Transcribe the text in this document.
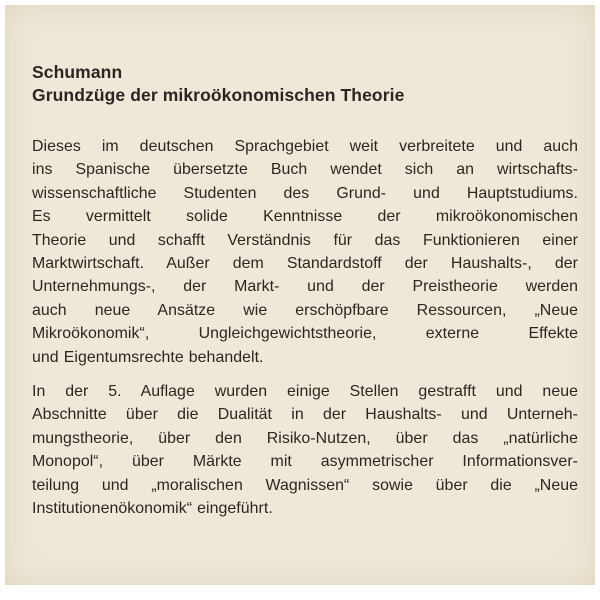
Schumann
Grundzüge der mikroökonomischen Theorie
Dieses im deutschen Sprachgebiet weit verbreitete und auch
ins Spanische übersetzte Buch wendet sich an wirtschafts-
wissenschaftliche Studenten des Grund- und Hauptstudiums.
Es vermittelt solide Kenntnisse der mikroökonomischen
Theorie und schafft Verständnis für das Funktionieren einer
Marktwirtschaft. Außer dem Standardstoff der Haushalts-, der
Unternehmungs-, der Markt- und der Preistheorie werden
auch neue Ansätze wie erschöpfbare Ressourcen, „Neue
Mikroökonomik“, Ungleichgewichtstheorie, externe Effekte
und Eigentumsrechte behandelt.
In der 5. Auflage wurden einige Stellen gestrafft und neue
Abschnitte über die Dualität in der Haushalts- und Unterneh-
mungstheorie, über den Risiko-Nutzen, über das „natürliche
Monopol“, über Märkte mit asymmetrischer Informationsver-
teilung und „moralischen Wagnissen“ sowie über die „Neue
Institutionenökonomik“ eingeführt.
